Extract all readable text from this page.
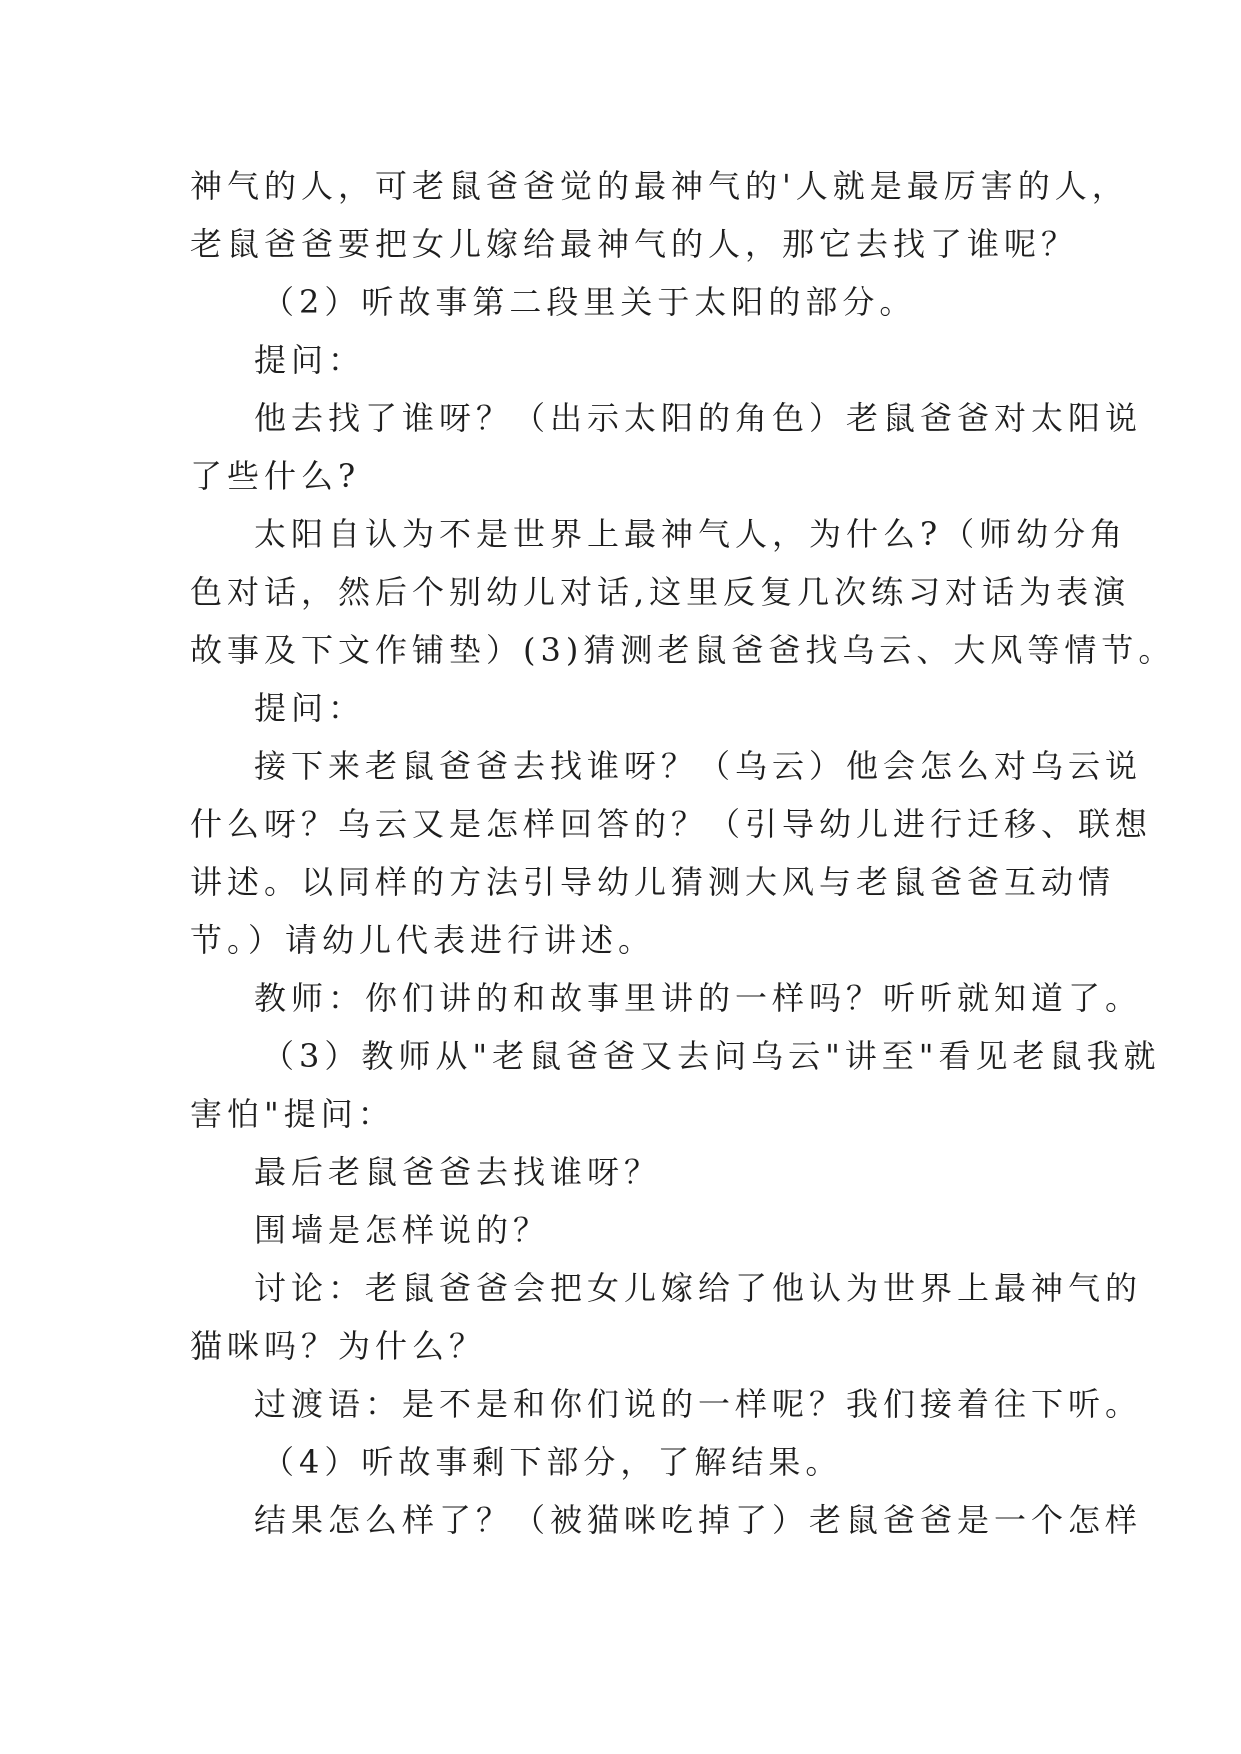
神气的人，可老鼠爸爸觉的最神气的'人就是最厉害的人，
老鼠爸爸要把女儿嫁给最神气的人，那它去找了谁呢？
（2）听故事第二段里关于太阳的部分。
提问：
他去找了谁呀？（出示太阳的角色）老鼠爸爸对太阳说
了些什么?
太阳自认为不是世界上最神气人，为什么?（师幼分角
色对话，然后个别幼儿对话,这里反复几次练习对话为表演
故事及下文作铺垫）(3)猜测老鼠爸爸找乌云、大风等情节。
提问：
接下来老鼠爸爸去找谁呀？（乌云）他会怎么对乌云说
什么呀？乌云又是怎样回答的？（引导幼儿进行迁移、联想
讲述。以同样的方法引导幼儿猜测大风与老鼠爸爸互动情
节。）请幼儿代表进行讲述。
教师：你们讲的和故事里讲的一样吗？听听就知道了。
（3）教师从"老鼠爸爸又去问乌云"讲至"看见老鼠我就
害怕"提问：
最后老鼠爸爸去找谁呀？
围墙是怎样说的？
讨论：老鼠爸爸会把女儿嫁给了他认为世界上最神气的
猫咪吗？为什么？
过渡语：是不是和你们说的一样呢？我们接着往下听。
（4）听故事剩下部分，了解结果。
结果怎么样了？（被猫咪吃掉了）老鼠爸爸是一个怎样
